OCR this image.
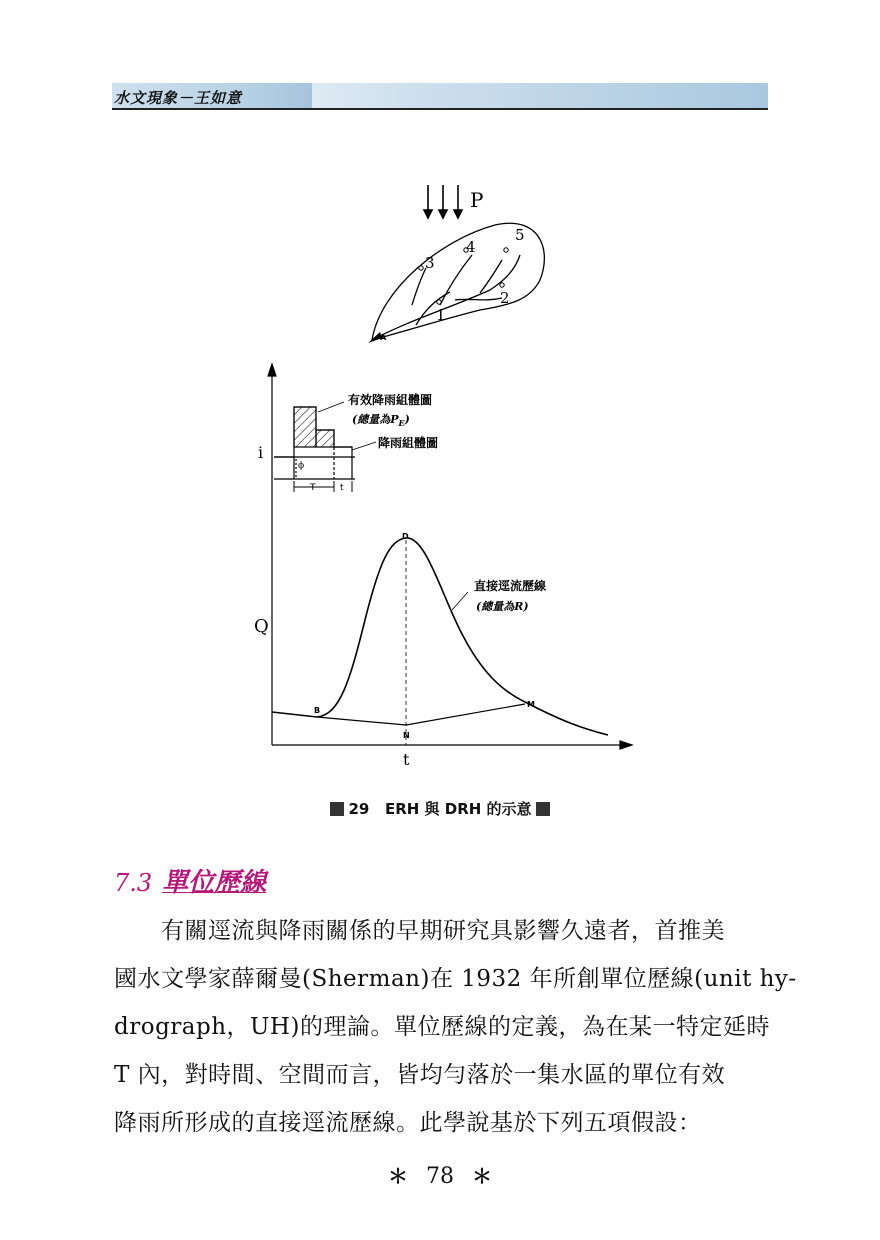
水文現象－王如意
P
A
1
2
3
4
5
i
Q
t
ϕ
T	t
有效降雨組體圖
(總量為$P_E$)
降雨組體圖
B
D
N
M
直接逕流歷線
(總量為R)
29 ERH 與 DRH 的示意
7.3 單位歷線
　　有關逕流與降雨關係的早期研究具影響久遠者，首推美
國水文學家薛爾曼(Sherman)在 1932 年所創單位歷線(unit hy-
drograph，UH)的理論。單位歷線的定義，為在某一特定延時
T 內，對時間、空間而言，皆均勻落於一集水區的單位有效
降雨所形成的直接逕流歷線。此學說基於下列五項假設：
＊ 78 ＊
